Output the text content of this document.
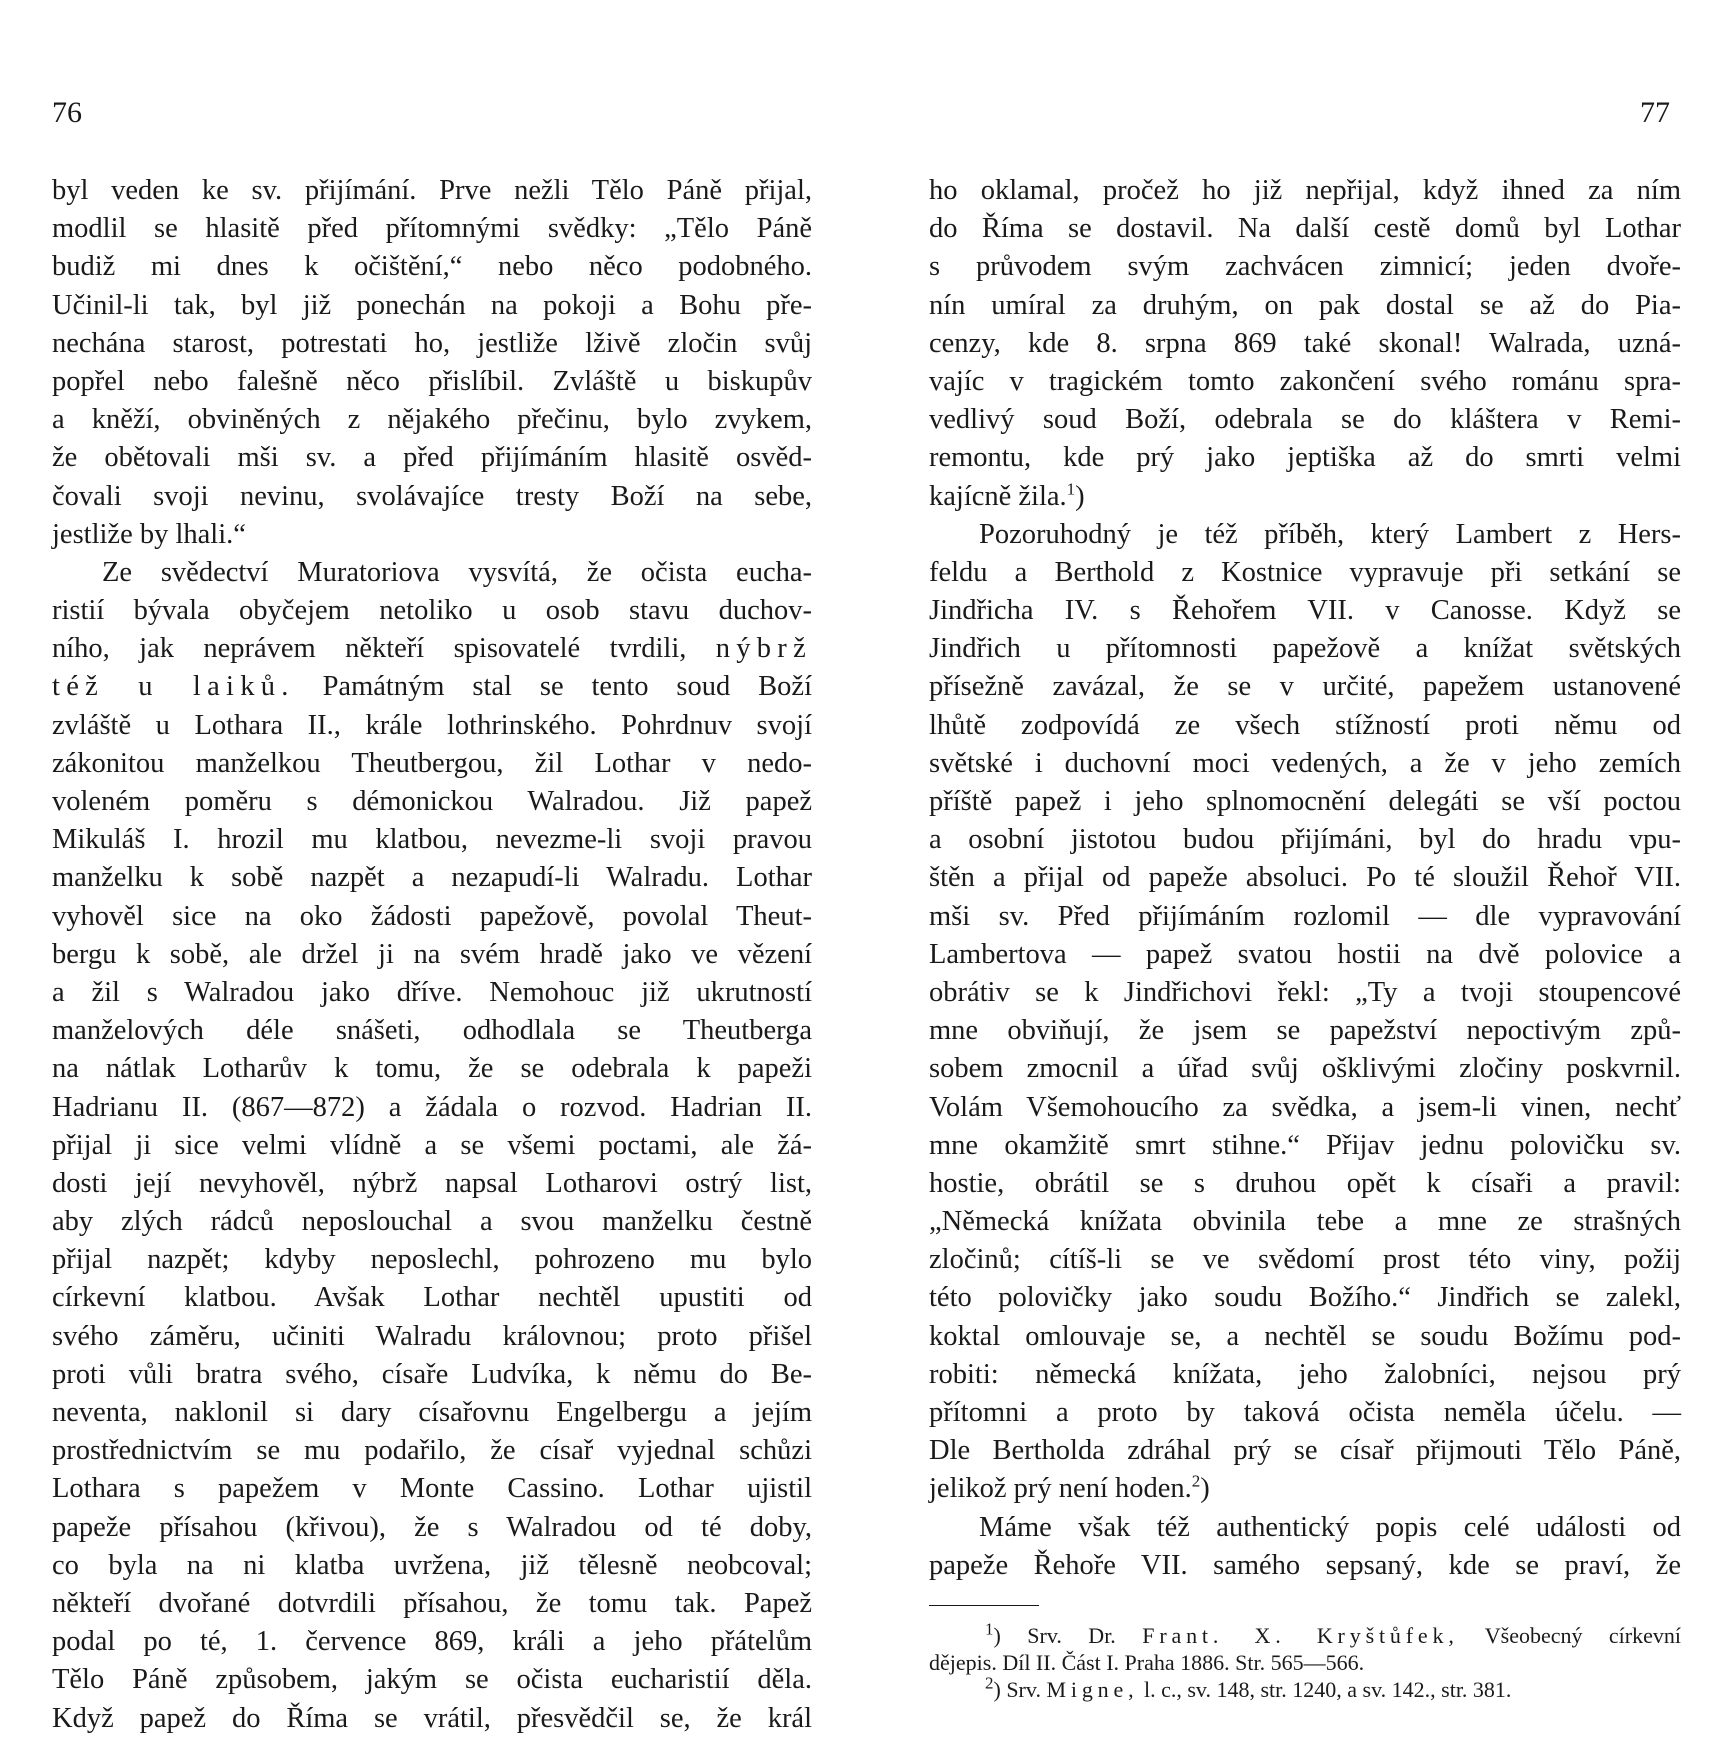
76
byl veden ke sv. přijímání. Prve nežli Tělo Páně přijal,
modlil se hlasitě před přítomnými svědky: „Tělo Páně
budiž mi dnes k očištění,“ nebo něco podobného.
Učinil-li tak, byl již ponechán na pokoji a Bohu pře-
nechána starost, potrestati ho, jestliže lživě zločin svůj
popřel nebo falešně něco přislíbil. Zvláště u biskupův
a kněží, obviněných z nějakého přečinu, bylo zvykem,
že obětovali mši sv. a před přijímáním hlasitě osvěd-
čovali svoji nevinu, svolávajíce tresty Boží na sebe,
jestliže by lhali.“
Ze svědectví Muratoriova vysvítá, že očista eucha-
ristií bývala obyčejem netoliko u osob stavu duchov-
ního, jak neprávem někteří spisovatelé tvrdili, nýbrž
též u laiků. Památným stal se tento soud Boží
zvláště u Lothara II., krále lothrinského. Pohrdnuv svojí
zákonitou manželkou Theutbergou, žil Lothar v nedo-
voleném poměru s démonickou Walradou. Již papež
Mikuláš I. hrozil mu klatbou, nevezme-li svoji pravou
manželku k sobě nazpět a nezapudí-li Walradu. Lothar
vyhověl sice na oko žádosti papežově, povolal Theut-
bergu k sobě, ale držel ji na svém hradě jako ve vězení
a žil s Walradou jako dříve. Nemohouc již ukrutností
manželových déle snášeti, odhodlala se Theutberga
na nátlak Lotharův k tomu, že se odebrala k papeži
Hadrianu II. (867—872) a žádala o rozvod. Hadrian II.
přijal ji sice velmi vlídně a se všemi poctami, ale žá-
dosti její nevyhověl, nýbrž napsal Lotharovi ostrý list,
aby zlých rádců neposlouchal a svou manželku čestně
přijal nazpět; kdyby neposlechl, pohrozeno mu bylo
církevní klatbou. Avšak Lothar nechtěl upustiti od
svého záměru, učiniti Walradu královnou; proto přišel
proti vůli bratra svého, císaře Ludvíka, k němu do Be-
neventa, naklonil si dary císařovnu Engelbergu a jejím
prostřednictvím se mu podařilo, že císař vyjednal schůzi
Lothara s papežem v Monte Cassino. Lothar ujistil
papeže přísahou (křivou), že s Walradou od té doby,
co byla na ni klatba uvržena, již tělesně neobcoval;
někteří dvořané dotvrdili přísahou, že tomu tak. Papež
podal po té, 1. července 869, králi a jeho přátelům
Tělo Páně způsobem, jakým se očista eucharistií děla.
Když papež do Říma se vrátil, přesvědčil se, že král
77
ho oklamal, pročež ho již nepřijal, když ihned za ním
do Říma se dostavil. Na další cestě domů byl Lothar
s průvodem svým zachvácen zimnicí; jeden dvoře-
nín umíral za druhým, on pak dostal se až do Pia-
cenzy, kde 8. srpna 869 také skonal! Walrada, uzná-
vajíc v tragickém tomto zakončení svého románu spra-
vedlivý soud Boží, odebrala se do kláštera v Remi-
remontu, kde prý jako jeptiška až do smrti velmi
kajícně žila.$^1$)
Pozoruhodný je též příběh, který Lambert z Hers-
feldu a Berthold z Kostnice vypravuje při setkání se
Jindřicha IV. s Řehořem VII. v Canosse. Když se
Jindřich u přítomnosti papežově a knížat světských
přísežně zavázal, že se v určité, papežem ustanovené
lhůtě zodpovídá ze všech stížností proti němu od
světské i duchovní moci vedených, a že v jeho zemích
příště papež i jeho splnomocnění delegáti se vší poctou
a osobní jistotou budou přijímáni, byl do hradu vpu-
štěn a přijal od papeže absoluci. Po té sloužil Řehoř VII.
mši sv. Před přijímáním rozlomil — dle vypravování
Lambertova — papež svatou hostii na dvě polovice a
obrátiv se k Jindřichovi řekl: „Ty a tvoji stoupencové
mne obviňují, že jsem se papežství nepoctivým způ-
sobem zmocnil a úřad svůj ošklivými zločiny poskvrnil.
Volám Všemohoucího za svědka, a jsem-li vinen, nechť
mne okamžitě smrt stihne.“ Přijav jednu polovičku sv.
hostie, obrátil se s druhou opět k císaři a pravil:
„Německá knížata obvinila tebe a mne ze strašných
zločinů; cítíš-li se ve svědomí prost této viny, požij
této polovičky jako soudu Božího.“ Jindřich se zalekl,
koktal omlouvaje se, a nechtěl se soudu Božímu pod-
robiti: německá knížata, jeho žalobníci, nejsou prý
přítomni a proto by taková očista neměla účelu. —
Dle Bertholda zdráhal prý se císař přijmouti Tělo Páně,
jelikož prý není hoden.$^2$)
Máme však též authentický popis celé události od
papeže Řehoře VII. samého sepsaný, kde se praví, že
$^1$) Srv. Dr. Frant. X. Kryštůfek, Všeobecný církevní
dějepis. Díl II. Část I. Praha 1886. Str. 565—566.
$^2$) Srv. Migne, l. c., sv. 148, str. 1240, a sv. 142., str. 381.
